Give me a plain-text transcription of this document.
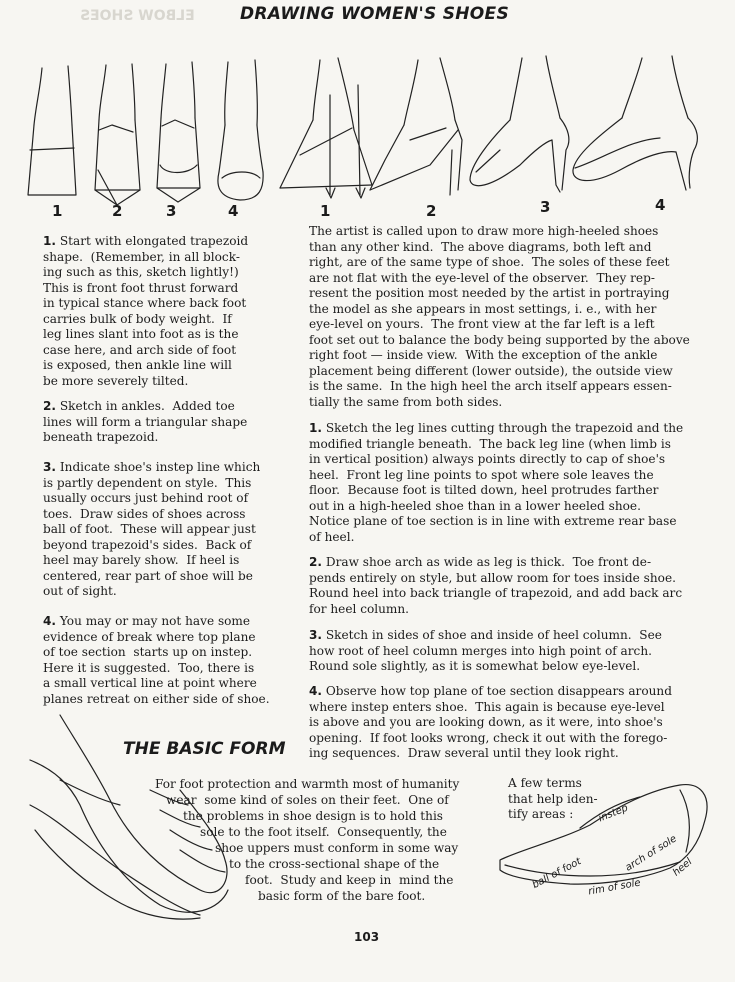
ELBOW SHOES	DRAWING WOMEN'S SHOES
1	2	3	4	1	2	3	4
1. Start with elongated trapezoid
shape.  (Remember, in all block-
ing such as this, sketch lightly!)
This is front foot thrust forward
in typical stance where back foot
carries bulk of body weight.  If
leg lines slant into foot as is the
case here, and arch side of foot
is exposed, then ankle line will
be more severely tilted.
2. Sketch in ankles.  Added toe
lines will form a triangular shape
beneath trapezoid.
3. Indicate shoe's instep line which
is partly dependent on style.  This
usually occurs just behind root of
toes.  Draw sides of shoes across
ball of foot.  These will appear just
beyond trapezoid's sides.  Back of
heel may barely show.  If heel is
centered, rear part of shoe will be
out of sight.
4. You may or may not have some
evidence of break where top plane
of toe section  starts up on instep.
Here it is suggested.  Too, there is
a small vertical line at point where
planes retreat on either side of shoe.
The artist is called upon to draw more high-heeled shoes
than any other kind.  The above diagrams, both left and
right, are of the same type of shoe.  The soles of these feet
are not flat with the eye-level of the observer.  They rep-
resent the position most needed by the artist in portraying
the model as she appears in most settings, i. e., with her
eye-level on yours.  The front view at the far left is a left
foot set out to balance the body being supported by the above
right foot — inside view.  With the exception of the ankle
placement being different (lower outside), the outside view
is the same.  In the high heel the arch itself appears essen-
tially the same from both sides.
1. Sketch the leg lines cutting through the trapezoid and the
modified triangle beneath.  The back leg line (when limb is
in vertical position) always points directly to cap of shoe's
heel.  Front leg line points to spot where sole leaves the
floor.  Because foot is tilted down, heel protrudes farther
out in a high-heeled shoe than in a lower heeled shoe.
Notice plane of toe section is in line with extreme rear base
of heel.
2. Draw shoe arch as wide as leg is thick.  Toe front de-
pends entirely on style, but allow room for toes inside shoe.
Round heel into back triangle of trapezoid, and add back arc
for heel column.
3. Sketch in sides of shoe and inside of heel column.  See
how root of heel column merges into high point of arch.
Round sole slightly, as it is somewhat below eye-level.
4. Observe how top plane of toe section disappears around
where instep enters shoe.  This again is because eye-level
is above and you are looking down, as it were, into shoe's
opening.  If foot looks wrong, check it out with the forego-
ing sequences.  Draw several until they look right.
THE BASIC FORM
For foot protection and warmth most of humanity
wear  some kind of soles on their feet.  One of
the problems in shoe design is to hold this
sole to the foot itself.  Consequently, the
shoe uppers must conform in some way
to the cross-sectional shape of the
foot.  Study and keep in  mind the
basic form of the bare foot.
A few terms
that help iden-
tify areas :	instep
ball of foot	arch of sole
heel
rim of sole
103
